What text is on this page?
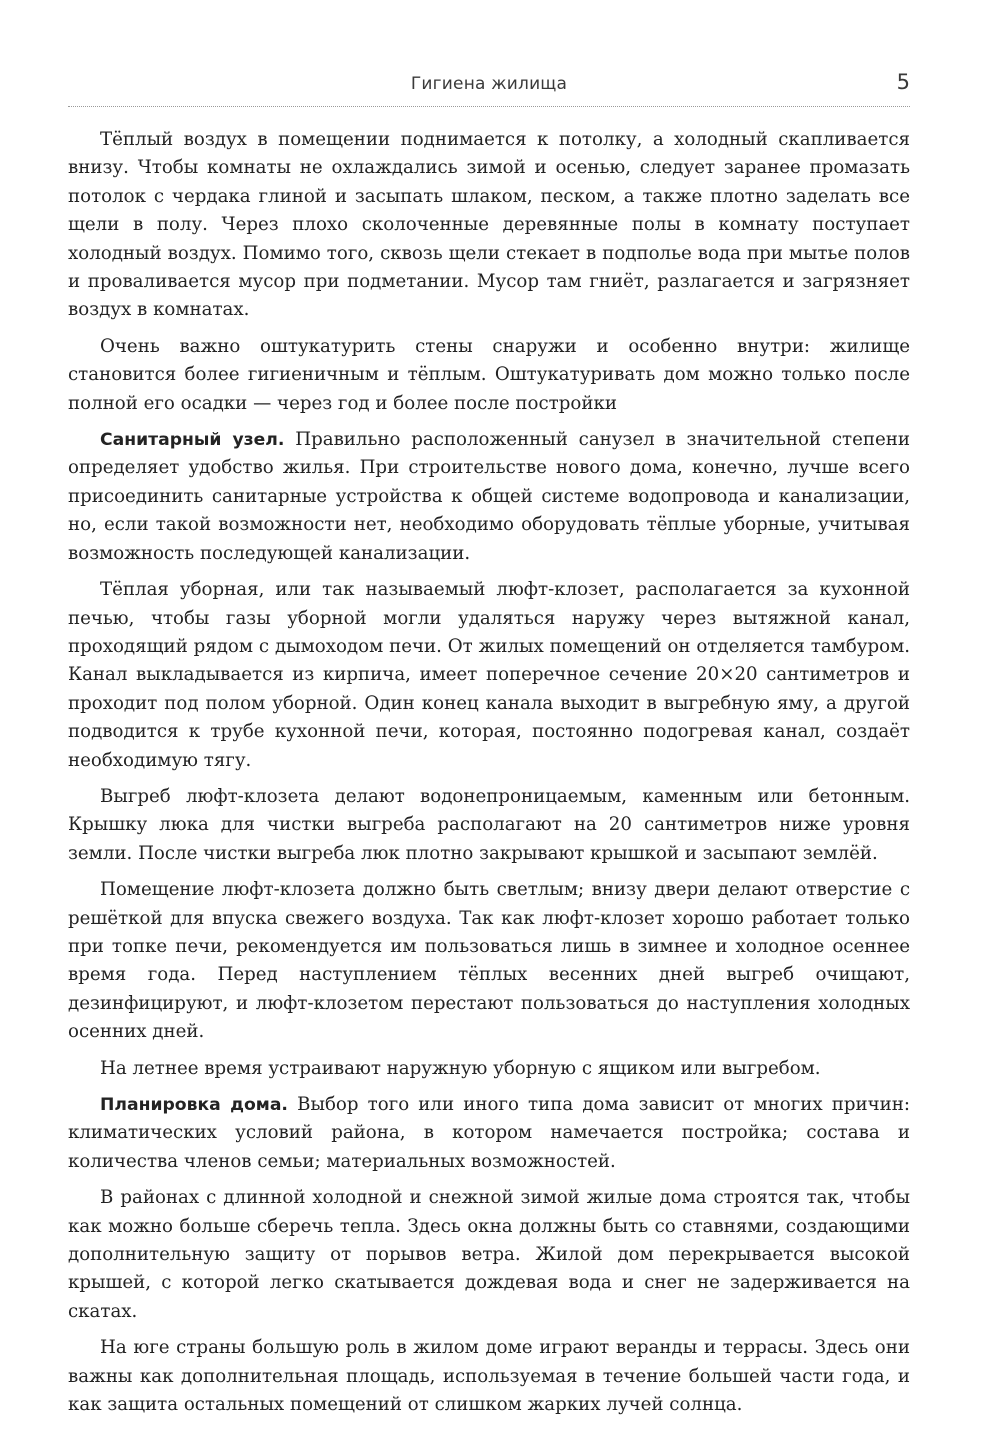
Гигиена жилища	5

Тёплый воздух в помещении поднимается к потолку, а холодный скапливается внизу. Чтобы комнаты не охлаждались зимой и осенью, следует заранее промазать потолок с чердака глиной и засыпать шлаком, песком, а также плотно заделать все щели в полу. Через плохо сколоченные деревянные полы в комнату поступает холодный воздух. Помимо того, сквозь щели стекает в подполье вода при мытье полов и проваливается мусор при подметании. Мусор там гниёт, разлагается и загрязняет воздух в комнатах.

Очень важно оштукатурить стены снаружи и особенно внутри: жилище становится более гигиеничным и тёплым. Оштукатуривать дом можно только после полной его осадки — через год и более после постройки

Санитарный узел. Правильно расположенный санузел в значительной степени определяет удобство жилья. При строительстве нового дома, конечно, лучше всего присоединить санитарные устройства к общей системе водопровода и канализации, но, если такой возможности нет, необходимо оборудовать тёплые уборные, учитывая возможность последующей канализации.

Тёплая уборная, или так называемый люфт-клозет, располагается за кухонной печью, чтобы газы уборной могли удаляться наружу через вытяжной канал, проходящий рядом с дымоходом печи. От жилых помещений он отделяется тамбуром. Канал выкладывается из кирпича, имеет поперечное сечение 20×20 сантиметров и проходит под полом уборной. Один конец канала выходит в выгребную яму, а другой подводится к трубе кухонной печи, которая, постоянно подогревая канал, создаёт необходимую тягу.

Выгреб люфт-клозета делают водонепроницаемым, каменным или бетонным. Крышку люка для чистки выгреба располагают на 20 сантиметров ниже уровня земли. После чистки выгреба люк плотно закрывают крышкой и засыпают землёй.

Помещение люфт-клозета должно быть светлым; внизу двери делают отверстие с решёткой для впуска свежего воздуха. Так как люфт-клозет хорошо работает только при топке печи, рекомендуется им пользоваться лишь в зимнее и холодное осеннее время года. Перед наступлением тёплых весенних дней выгреб очищают, дезинфицируют, и люфт-клозетом перестают пользоваться до наступления холодных осенних дней.

На летнее время устраивают наружную уборную с ящиком или выгребом.

Планировка дома. Выбор того или иного типа дома зависит от многих причин: климатических условий района, в котором намечается постройка; состава и количества членов семьи; материальных возможностей.

В районах с длинной холодной и снежной зимой жилые дома строятся так, чтобы как можно больше сберечь тепла. Здесь окна должны быть со ставнями, создающими дополнительную защиту от порывов ветра. Жилой дом перекрывается высокой крышей, с которой легко скатывается дождевая вода и снег не задерживается на скатах.

На юге страны большую роль в жилом доме играют веранды и террасы. Здесь они важны как дополнительная площадь, используемая в течение большей части года, и как защита остальных помещений от слишком жарких лучей солнца.
